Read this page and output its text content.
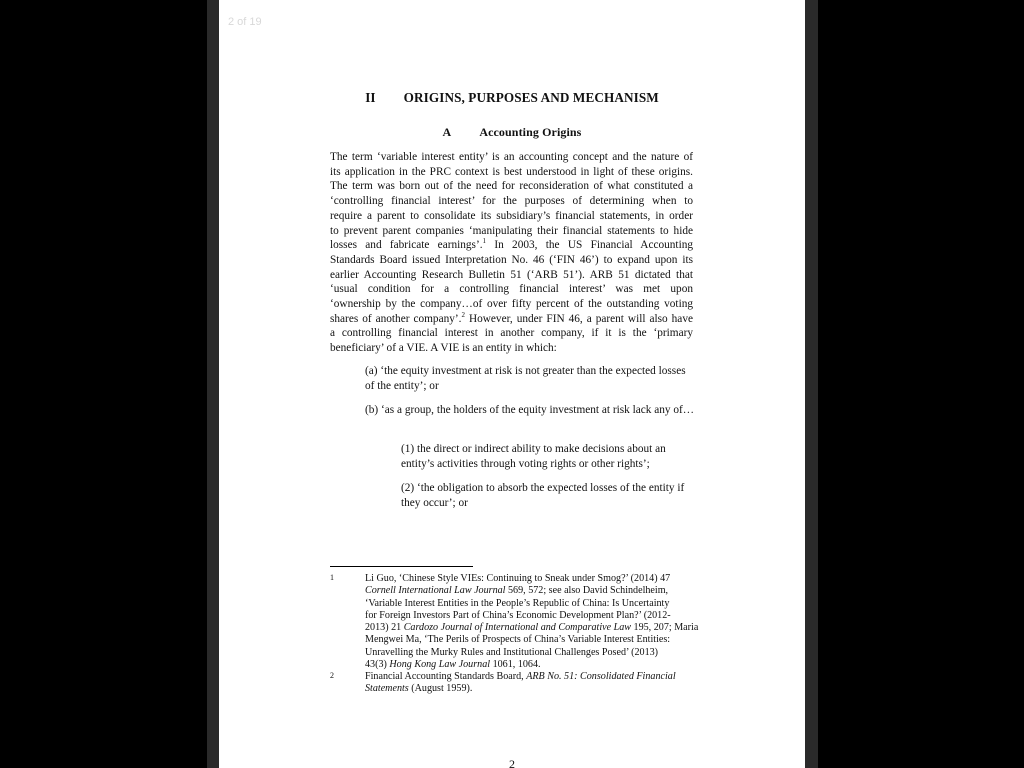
2 of 19
II ORIGINS, PURPOSES AND MECHANISM
A Accounting Origins
The term ‘variable interest entity’ is an accounting concept and the nature of
its application in the PRC context is best understood in light of these origins.
The term was born out of the need for reconsideration of what constituted a
‘controlling financial interest’ for the purposes of determining when to
require a parent to consolidate its subsidiary’s financial statements, in order
to prevent parent companies ‘manipulating their financial statements to hide
losses and fabricate earnings’.$^1$ In 2003, the US Financial Accounting
Standards Board issued Interpretation No. 46 (‘FIN 46’) to expand upon its
earlier Accounting Research Bulletin 51 (‘ARB 51’). ARB 51 dictated that
‘usual condition for a controlling financial interest’ was met upon
‘ownership by the company…of over fifty percent of the outstanding voting
shares of another company’.$^2$ However, under FIN 46, a parent will also have
a controlling financial interest in another company, if it is the ‘primary
beneficiary’ of a VIE. A VIE is an entity in which:
(a) ‘the equity investment at risk is not greater than the expected losses of the entity’; or
(b) ‘as a group, the holders of the equity investment at risk lack any of…
(1) the direct or indirect ability to make decisions about an entity’s activities through voting rights or other rights’;
(2) ‘the obligation to absorb the expected losses of the entity if they occur’; or
1	Li Guo, ‘Chinese Style VIEs: Continuing to Sneak under Smog?’ (2014) 47
Cornell International Law Journal 569, 572; see also David Schindelheim,
‘Variable Interest Entities in the People’s Republic of China: Is Uncertainty
for Foreign Investors Part of China’s Economic Development Plan?’ (2012-
2013) 21 Cardozo Journal of International and Comparative Law 195, 207; Maria
Mengwei Ma, ‘The Perils of Prospects of China’s Variable Interest Entities:
Unravelling the Murky Rules and Institutional Challenges Posed’ (2013)
43(3) Hong Kong Law Journal 1061, 1064.
2	Financial Accounting Standards Board, ARB No. 51: Consolidated Financial
Statements (August 1959).
2
